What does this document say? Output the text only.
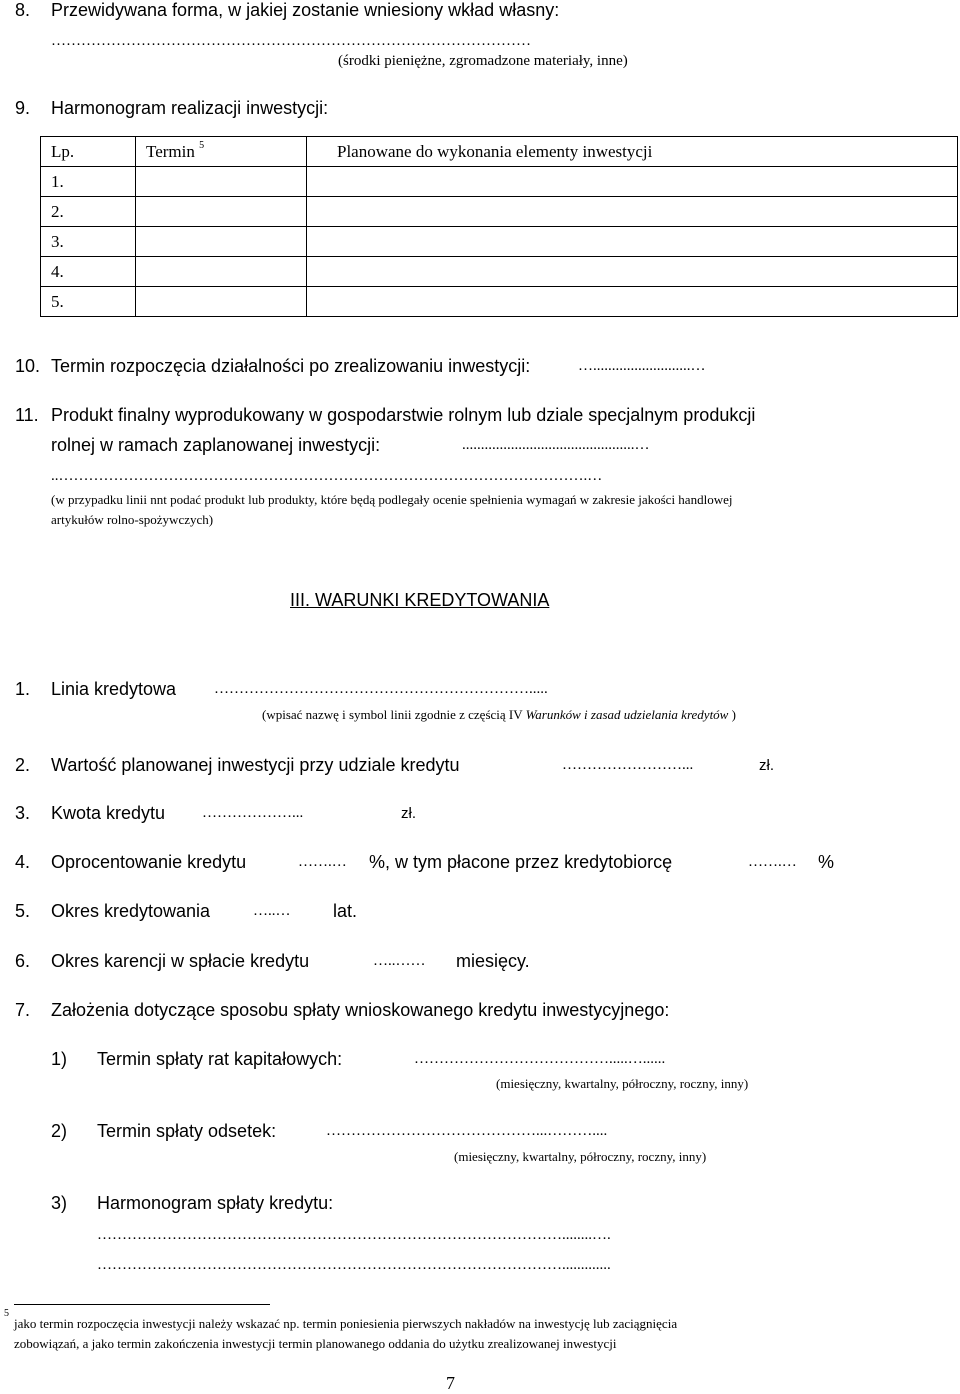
8. Przewidywana forma, w jakiej zostanie wniesiony wkład własny:
……………………………………………………………………………………
(środki pieniężne, zgromadzone materiały, inne)
9. Harmonogram realizacji inwestycji:
Lp.	Termin $^5$	Planowane do wykonania elementy inwestycji
1.		
2.		
3.		
4.		
5.		
10. Termin rozpoczęcia działalności po zrealizowaniu inwestycji:	…..........................…
11. Produkt finalny wyprodukowany w gospodarstwie rolnym lub dziale specjalnym produkcji
rolnej w ramach zaplanowanej inwestycji:	..............................................…
..…………………………………………………………………………………………….…
(w przypadku linii nnt podać produkt lub produkty, które będą podlegały ocenie spełnienia wymagań w zakresie jakości handlowej
artykułów rolno-spożywczych)
III. WARUNKI KREDYTOWANIA
1. Linia kredytowa	……………………………………………………….....
(wpisać nazwę i symbol linii zgodnie z częścią IV Warunków i zasad udzielania kredytów )
2. Wartość planowanej inwestycji przy udziale kredytu	……………………...	zł.
3. Kwota kredytu ………………...	zł.
4. Oprocentowanie kredytu	…….… %, w tym płacone przez kredytobiorcę	…….… %
5. Okres kredytowania	…..… lat.
6. Okres karencji w spłacie kredytu	…..…… miesięcy.
7. Założenia dotyczące sposobu spłaty wnioskowanego kredytu inwestycyjnego:
1) Termin spłaty rat kapitałowych:	………………………………….....…......
(miesięczny, kwartalny, półroczny, roczny, inny)
2) Termin spłaty odsetek:	……………………………………...………....
(miesięczny, kwartalny, półroczny, roczny, inny)
3) Harmonogram spłaty kredytu:
…………………………………………………………………………………........….
………………………………………………………………………………….............
5
jako termin rozpoczęcia inwestycji należy wskazać np. termin poniesienia pierwszych nakładów na inwestycję lub zaciągnięcia
zobowiązań, a jako termin zakończenia inwestycji termin planowanego oddania do użytku zrealizowanej inwestycji
7
